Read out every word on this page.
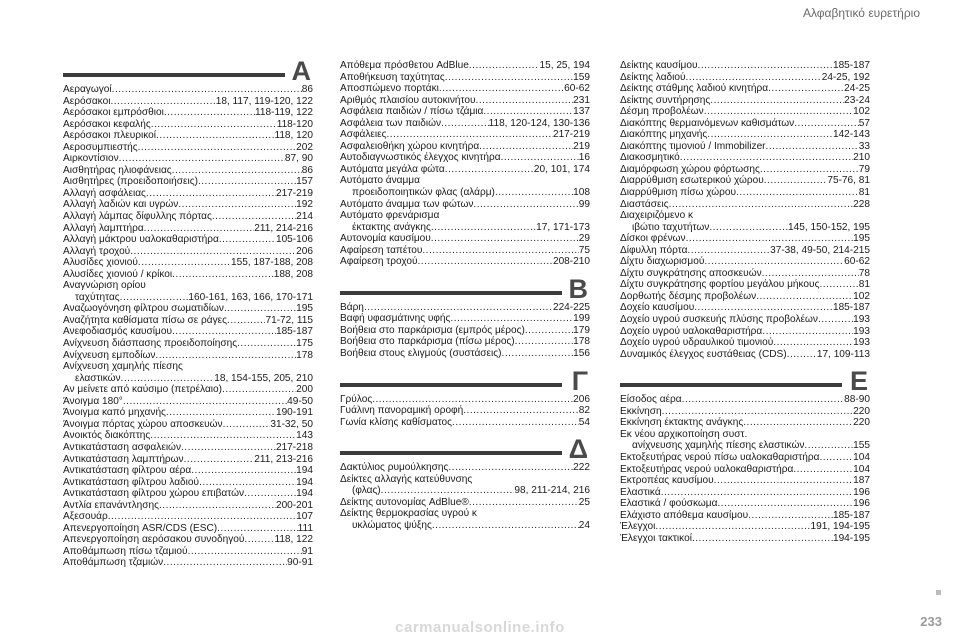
Αλφαβητικό ευρετήριο
A
Αεραγωγοί .....	86
Αερόσακοι .....	18, 117, 119-120, 122
Αερόσακοι εμπρόσθιοι .....	118-119, 122
Αερόσακοι κεφαλής .....	118-120
Αερόσακοι πλευρικοί .....	118, 120
Αεροσυμπιεστής .....	202
Αιρκοντίσιον .....	87, 90
Αισθητήρας ηλιοφάνειας .....	86
Αισθητήρες (προειδοποιήσεις) .....	157
Αλλαγή ασφάλειας .....	217-219
Αλλαγή λαδιών και υγρών .....	192
Αλλαγή λάμπας δίφυλλης πόρτας .....	214
Αλλαγή λαμπτήρα .....	211, 214-216
Αλλαγή μάκτρου υαλοκαθαριστήρα .....	105-106
Αλλαγή τροχού .....	206
Αλυσίδες χιονιού .....	155, 187-188, 208
Αλυσίδες χιονιού / κρίκοι .....	188, 208
Αναγνώριση ορίου
ταχύτητας .....	160-161, 163, 166, 170-171
Αναζωογόνηση φίλτρου σωματιδίων .....	195
Αναζήτητα καθίσματα πίσω σε ράγες .....	71-72, 115
Ανεφοδιασμός καυσίμου .....	185-187
Ανίχνευση διάσπασης προειδοποίησης .....	175
Ανίχνευση εμποδίων .....	178
Ανίχνευση χαμηλής πίεσης
ελαστικών .....	18, 154-155, 205, 210
Αν μείνετε από καύσιμο (πετρέλαιο) .....	200
Άνοιγμα 180° .....	49-50
Άνοιγμα καπό μηχανής .....	190-191
Άνοιγμα πόρτας χώρου αποσκευών .....	31-32, 50
Ανοικτός διακόπτης .....	143
Αντικατάσταση ασφαλειών .....	217-218
Αντικατάσταση λαμπτήρων .....	211, 213-216
Αντικατάσταση φίλτρου αέρα .....	194
Αντικατάσταση φίλτρου λαδιού .....	194
Αντικατάσταση φίλτρου χώρου επιβατών .....	194
Αντλία επανάντλησης .....	200-201
Αξεσουάρ .....	107
Απενεργοποίηση ASR/CDS (ESC) .....	111
Απενεργοποίηση αερόσακου συνοδηγού .....	118, 122
Αποθάμπωση πίσω τζαμιού .....	91
Αποθάμπωση τζαμιών .....	90-91
Απόθεμα πρόσθετου AdBlue .....	15, 25, 194
Αποθήκευση ταχύτητας .....	159
Αποσπώμενο πορτάκι .....	60-62
Αριθμός πλαισίου αυτοκινήτου .....	231
Ασφάλεια παιδιών / πίσω τζάμια .....	137
Ασφάλεια των παιδιών .....	118, 120-124, 130-136
Ασφάλειες .....	217-219
Ασφαλειοθήκη χώρου κινητήρα .....	219
Αυτοδιαγνωστικός έλεγχος κινητήρα .....	16
Αυτόματα μεγάλα φώτα .....	20, 101, 174
Αυτόματο άναμμα
προειδοποιητικών φλας (αλάρμ) .....	108
Αυτόματο άναμμα των φώτων .....	99
Αυτόματο φρενάρισμα
έκτακτης ανάγκης .....	17, 171-173
Αυτονομία καυσίμου .....	29
Αφαίρεση ταπέτου .....	75
Αφαίρεση τροχού .....	208-210
B
Βάρη .....	224-225
Βαφή υφασμάτινης υφής .....	199
Βοήθεια στο παρκάρισμα (εμπρός μέρος) .....	179
Βοήθεια στο παρκάρισμα (πίσω μέρος) .....	178
Βοήθεια στους ελιγμούς (συστάσεις) .....	156
Γ
Γρύλος .....	206
Γυάλινη πανοραμική οροφή .....	82
Γωνία κλίσης καθίσματος .....	54
Δ
Δακτύλιος ρυμούλκησης .....	222
Δείκτες αλλαγής κατεύθυνσης
(φλας) .....	98, 211-214, 216
Δείκτης αυτονομίας AdBlue® .....	25
Δείκτης θερμοκρασίας υγρού κ
υκλώματος ψύξης .....	24
Δείκτης καυσίμου .....	185-187
Δείκτης λαδιού .....	24-25, 192
Δείκτης στάθμης λαδιού κινητήρα .....	24-25
Δείκτης συντήρησης .....	23-24
Δέσμη προβολέων .....	102
Διακόπτης θερμαινόμενων καθισμάτων .....	57
Διακόπτης μηχανής .....	142-143
Διακόπτης τιμονιού / Immobilizer .....	33
Διακοσμητικό .....	210
Διαμόρφωση χώρου φόρτωσης .....	79
Διαρρύθμιση εσωτερικού χώρου .....	75-76, 81
Διαρρύθμιση πίσω χώρου .....	81
Διαστάσεις .....	228
Διαχειριζόμενο κ
ιβώτιο ταχυτήτων .....	145, 150-152, 195
Δίσκοι φρένων .....	195
Δίφυλλη πόρτα .....	37-38, 49-50, 214-215
Δίχτυ διαχωρισμού .....	60-62
Δίχτυ συγκράτησης αποσκευών .....	78
Δίχτυ συγκράτησης φορτίου μεγάλου μήκους .....	81
Δορθωτής δέσμης προβολέων .....	102
Δοχείο καυσίμου .....	185-187
Δοχείο υγρού συσκευής πλύσης προβολέων .....	193
Δοχείο υγρού υαλοκαθαριστήρα .....	193
Δοχείο υγρού υδραυλικού τιμονιού .....	193
Δυναμικός έλεγχος ευστάθειας (CDS) .....	17, 109-113
E
Είσοδος αέρα .....	88-90
Εκκίνηση .....	220
Εκκίνηση έκτακτης ανάγκης .....	220
Εκ νέου αρχικοποίηση συστ.
ανίχνευσης χαμηλής πίεσης ελαστικών .....	155
Εκτοξευτήρας νερού πίσω υαλοκαθαριστήρα .....	104
Εκτοξευτήρας νερού υαλοκαθαριστήρα .....	104
Εκτροπέας καυσίμου .....	187
Ελαστικά .....	196
Ελαστικά / φούσκωμα .....	196
Ελάχιστο απόθεμα καυσίμου .....	185-187
Έλεγχοι .....	191, 194-195
Έλεγχοι τακτικοί .....	194-195
233
carmanualsonline.info
